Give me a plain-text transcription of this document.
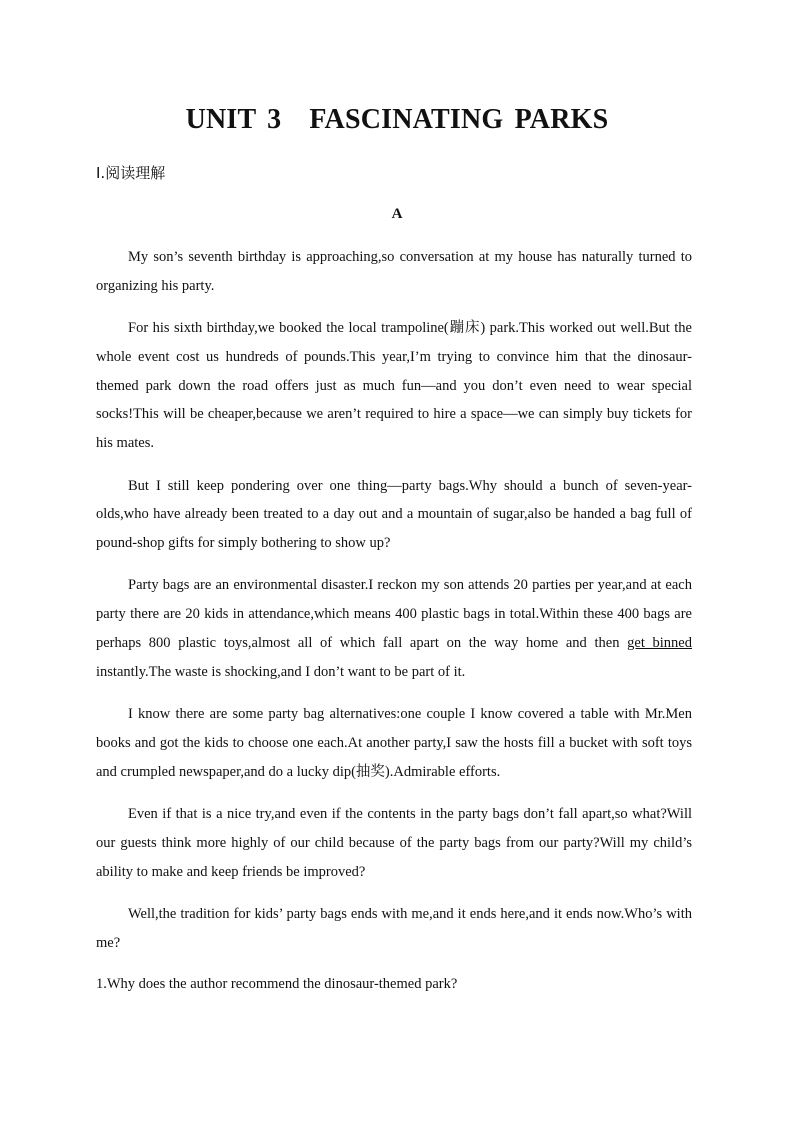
UNIT 3 FASCINATING PARKS

Ⅰ.阅读理解

A

My son’s seventh birthday is approaching,so conversation at my house has naturally turned to organizing his party.

For his sixth birthday,we booked the local trampoline(蹦床) park.This worked out well.But the whole event cost us hundreds of pounds.This year,I’m trying to convince him that the dinosaur-themed park down the road offers just as much fun—and you don’t even need to wear special socks!This will be cheaper,because we aren’t required to hire a space—we can simply buy tickets for his mates.

But I still keep pondering over one thing—party bags.Why should a bunch of seven-year-olds,who have already been treated to a day out and a mountain of sugar,also be handed a bag full of pound-shop gifts for simply bothering to show up?

Party bags are an environmental disaster.I reckon my son attends 20 parties per year,and at each party there are 20 kids in attendance,which means 400 plastic bags in total.Within these 400 bags are perhaps 800 plastic toys,almost all of which fall apart on the way home and then get binned instantly.The waste is shocking,and I don’t want to be part of it.

I know there are some party bag alternatives:one couple I know covered a table with Mr.Men books and got the kids to choose one each.At another party,I saw the hosts fill a bucket with soft toys and crumpled newspaper,and do a lucky dip(抽奖).Admirable efforts.

Even if that is a nice try,and even if the contents in the party bags don’t fall apart,so what?Will our guests think more highly of our child because of the party bags from our party?Will my child’s ability to make and keep friends be improved?

Well,the tradition for kids’ party bags ends with me,and it ends here,and it ends now.Who’s with me?

1.Why does the author recommend the dinosaur-themed park?
